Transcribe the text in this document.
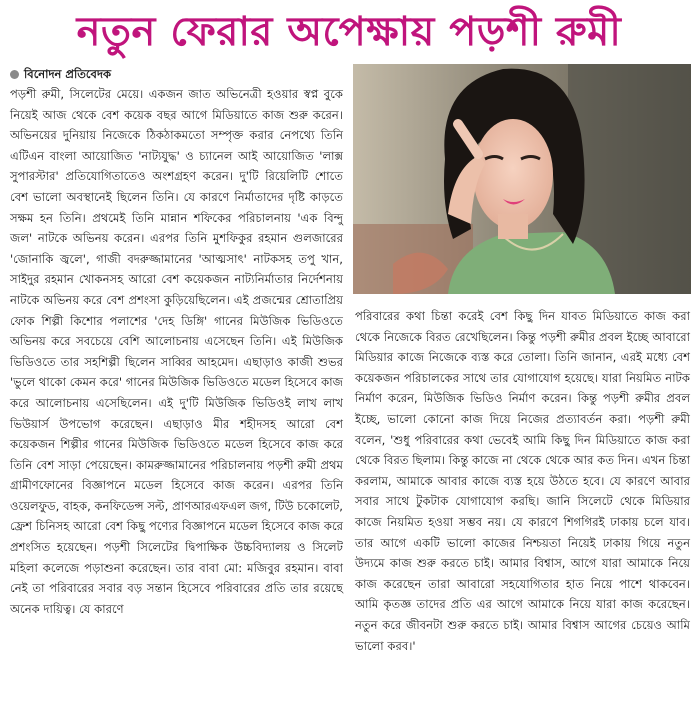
নতুন ফেরার অপেক্ষায় পড়শী রুমী
বিনোদন প্রতিবেদক

পড়শী রুমী, সিলেটের মেয়ে। একজন জাত অভিনেত্রী হওয়ার স্বপ্ন বুকে নিয়েই আজ থেকে বেশ কয়েক বছর আগে মিডিয়াতে কাজ শুরু করেন। অভিনয়ের দুনিয়ায় নিজেকে ঠিকঠাকমতো সম্পৃক্ত করার নেপথ্যে তিনি এটিএন বাংলা আয়োজিত 'নাট্যযুদ্ধ' ও চ্যানেল আই আয়োজিত 'লাক্স সুপারস্টার' প্রতিযোগিতাতেও অংশগ্রহণ করেন। দু'টি রিয়েলিটি শোতে বেশ ভালো অবস্থানেই ছিলেন তিনি। যে কারণে নির্মাতাদের দৃষ্টি কাড়তে সক্ষম হন তিনি। প্রথমেই তিনি মান্নান শফিকের পরিচালনায় 'এক বিন্দু জল' নাটকে অভিনয় করেন। এরপর তিনি মুশফিকুর রহমান গুলজারের 'জোনাকি জ্বলে', গাজী বদরুজ্জামানের 'আত্মসাৎ' নাটকসহ তপু খান, সাইদুর রহমান খোকনসহ আরো বেশ কয়েকজন নাট্যনির্মাতার নির্দেশনায় নাটকে অভিনয় করে বেশ প্রশংসা কুড়িয়েছিলেন। এই প্রজন্মের শ্রোতাপ্রিয় ফোক শিল্পী কিশোর পলাশের 'দেহ ডিঙ্গি' গানের মিউজিক ভিডিওতে অভিনয় করে সবচেয়ে বেশি আলোচনায় এসেছেন তিনি। এই মিউজিক ভিডিওতে তার সহশিল্পী ছিলেন সাব্বির আহমেদ। এছাড়াও কাজী শুভর 'ভুলে থাকো কেমন করে' গানের মিউজিক ভিডিওতে মডেল হিসেবে কাজ করে আলোচনায় এসেছিলেন। এই দু'টি মিউজিক ভিডিওই লাখ লাখ ভিউয়ার্স উপভোগ করেছেন। এছাড়াও মীর শহীদসহ আরো বেশ কয়েকজন শিল্পীর গানের মিউজিক ভিডিওতে মডেল হিসেবে কাজ করে তিনি বেশ সাড়া পেয়েছেন। কামরুজ্জামানের পরিচালনায় পড়শী রুমী প্রথম গ্রামীণফোনের বিজ্ঞাপনে মডেল হিসেবে কাজ করেন। এরপর তিনি ওয়েলফুড, বাহক, কনফিডেন্স সল্ট, প্রাণআরএফএল জগ, টিউ চকোলেট, ফ্রেশ চিনিসহ আরো বেশ কিছু পণ্যের বিজ্ঞাপনে মডেল হিসেবে কাজ করে প্রশংসিত হয়েছেন। পড়শী সিলেটের দ্বিপাক্ষিক উচ্চবিদ্যালয় ও সিলেট মহিলা কলেজে পড়াশুনা করেছেন। তার বাবা মো: মজিবুর রহমান। বাবা নেই তা পরিবারের সবার বড় সন্তান হিসেবে পরিবারের প্রতি তার রয়েছে অনেক দায়িত্ব। যে কারণে

পরিবারের কথা চিন্তা করেই বেশ কিছু দিন যাবত মিডিয়াতে কাজ করা থেকে নিজেকে বিরত রেখেছিলেন। কিন্তু পড়শী রুমীর প্রবল ইচ্ছে আবারো মিডিয়ার কাজে নিজেকে ব্যস্ত করে তোলা। তিনি জানান, এরই মধ্যে বেশ কয়েকজন পরিচালকের সাথে তার যোগাযোগ হয়েছে। যারা নিয়মিত নাটক নির্মাণ করেন, মিউজিক ভিডিও নির্মাণ করেন। কিন্তু পড়শী রুমীর প্রবল ইচ্ছে, ভালো কোনো কাজ দিয়ে নিজের প্রত্যাবর্তন করা। পড়শী রুমী বলেন, 'শুধু পরিবারের কথা ভেবেই আমি কিছু দিন মিডিয়াতে কাজ করা থেকে বিরত ছিলাম। কিন্তু কাজে না থেকে থেকে আর কত দিন। এখন চিন্তা করলাম, আমাকে আবার কাজে ব্যস্ত হয়ে উঠতে হবে। যে কারণে আবার সবার সাথে টুকটাক যোগাযোগ করছি। জানি সিলেটে থেকে মিডিয়ার কাজে নিয়মিত হওয়া সম্ভব নয়। যে কারণে শিগগিরই ঢাকায় চলে যাব। তার আগে একটি ভালো কাজের নিশ্চয়তা নিয়েই ঢাকায় গিয়ে নতুন উদ্যমে কাজ শুরু করতে চাই। আমার বিশ্বাস, আগে যারা আমাকে নিয়ে কাজ করেছেন তারা আবারো সহযোগিতার হাত নিয়ে পাশে থাকবেন। আমি কৃতজ্ঞ তাদের প্রতি এর আগে আমাকে নিয়ে যারা কাজ করেছেন। নতুন করে জীবনটা শুরু করতে চাই। আমার বিশ্বাস আগের চেয়েও আমি ভালো করব।'
